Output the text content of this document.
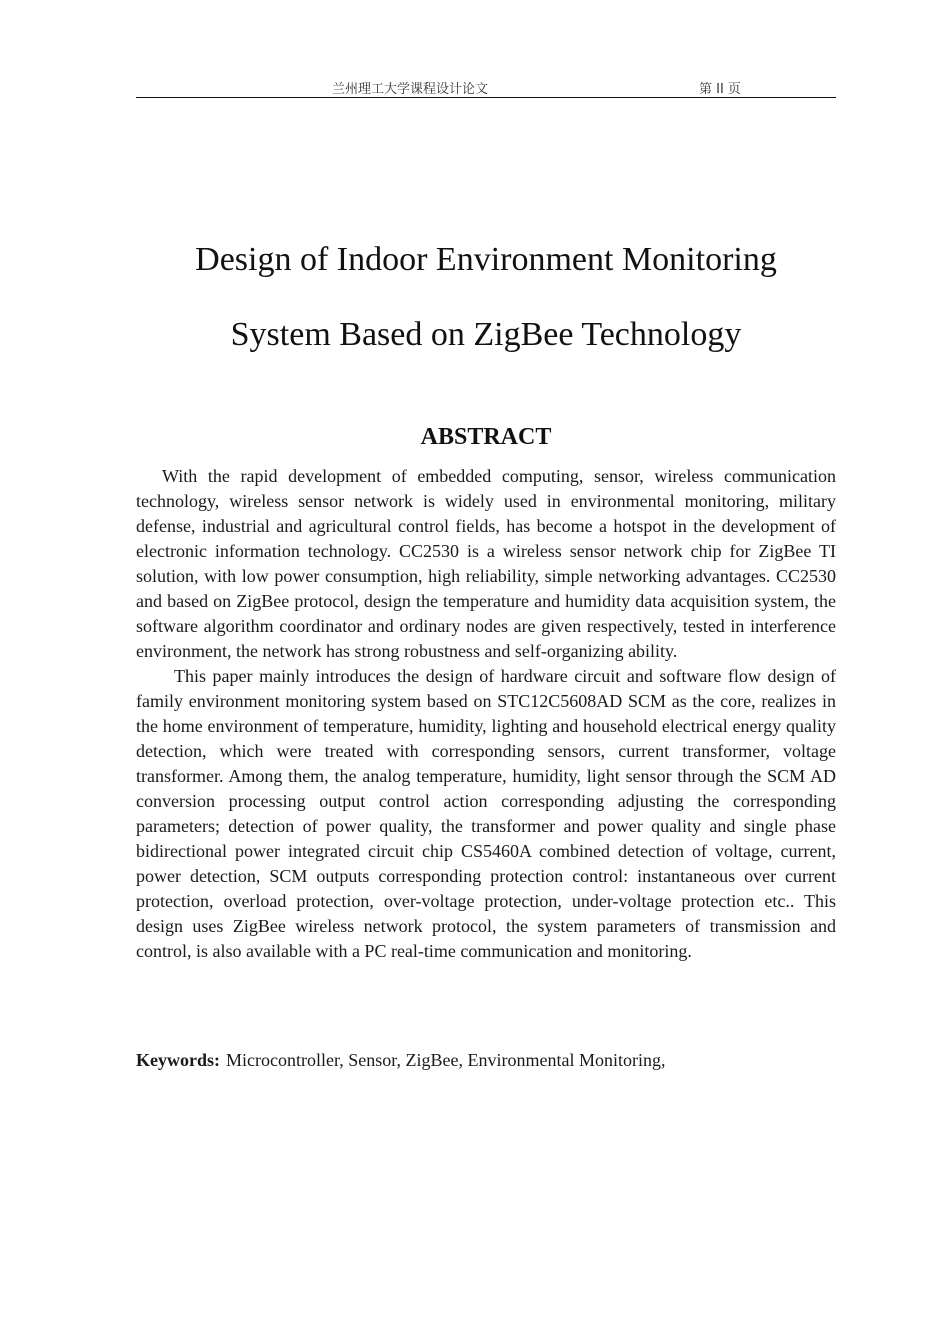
兰州理工大学课程设计论文	第 II 页
Design of Indoor Environment Monitoring
System Based on ZigBee Technology
ABSTRACT

With the rapid development of embedded computing, sensor, wireless communication technology, wireless sensor network is widely used in environmental monitoring, military defense, industrial and agricultural control fields, has become a hotspot in the development of electronic information technology. CC2530 is a wireless sensor network chip for ZigBee TI solution, with low power consumption, high reliability, simple networking advantages. CC2530 and based on ZigBee protocol, design the temperature and humidity data acquisition system, the software algorithm coordinator and ordinary nodes are given respectively, tested in interference environment, the network has strong robustness and self-organizing ability.

This paper mainly introduces the design of hardware circuit and software flow design of family environment monitoring system based on STC12C5608AD SCM as the core, realizes in the home environment of temperature, humidity, lighting and household electrical energy quality detection, which were treated with corresponding sensors, current transformer, voltage transformer. Among them, the analog temperature, humidity, light sensor through the SCM AD conversion processing output control action corresponding adjusting the corresponding parameters; detection of power quality, the transformer and power quality and single phase bidirectional power integrated circuit chip CS5460A combined detection of voltage, current, power detection, SCM outputs corresponding protection control: instantaneous over current protection, overload protection, over-voltage protection, under-voltage protection etc.. This design uses ZigBee wireless network protocol, the system parameters of transmission and control, is also available with a PC real-time communication and monitoring.

Keywords: Microcontroller, Sensor, ZigBee, Environmental Monitoring,
